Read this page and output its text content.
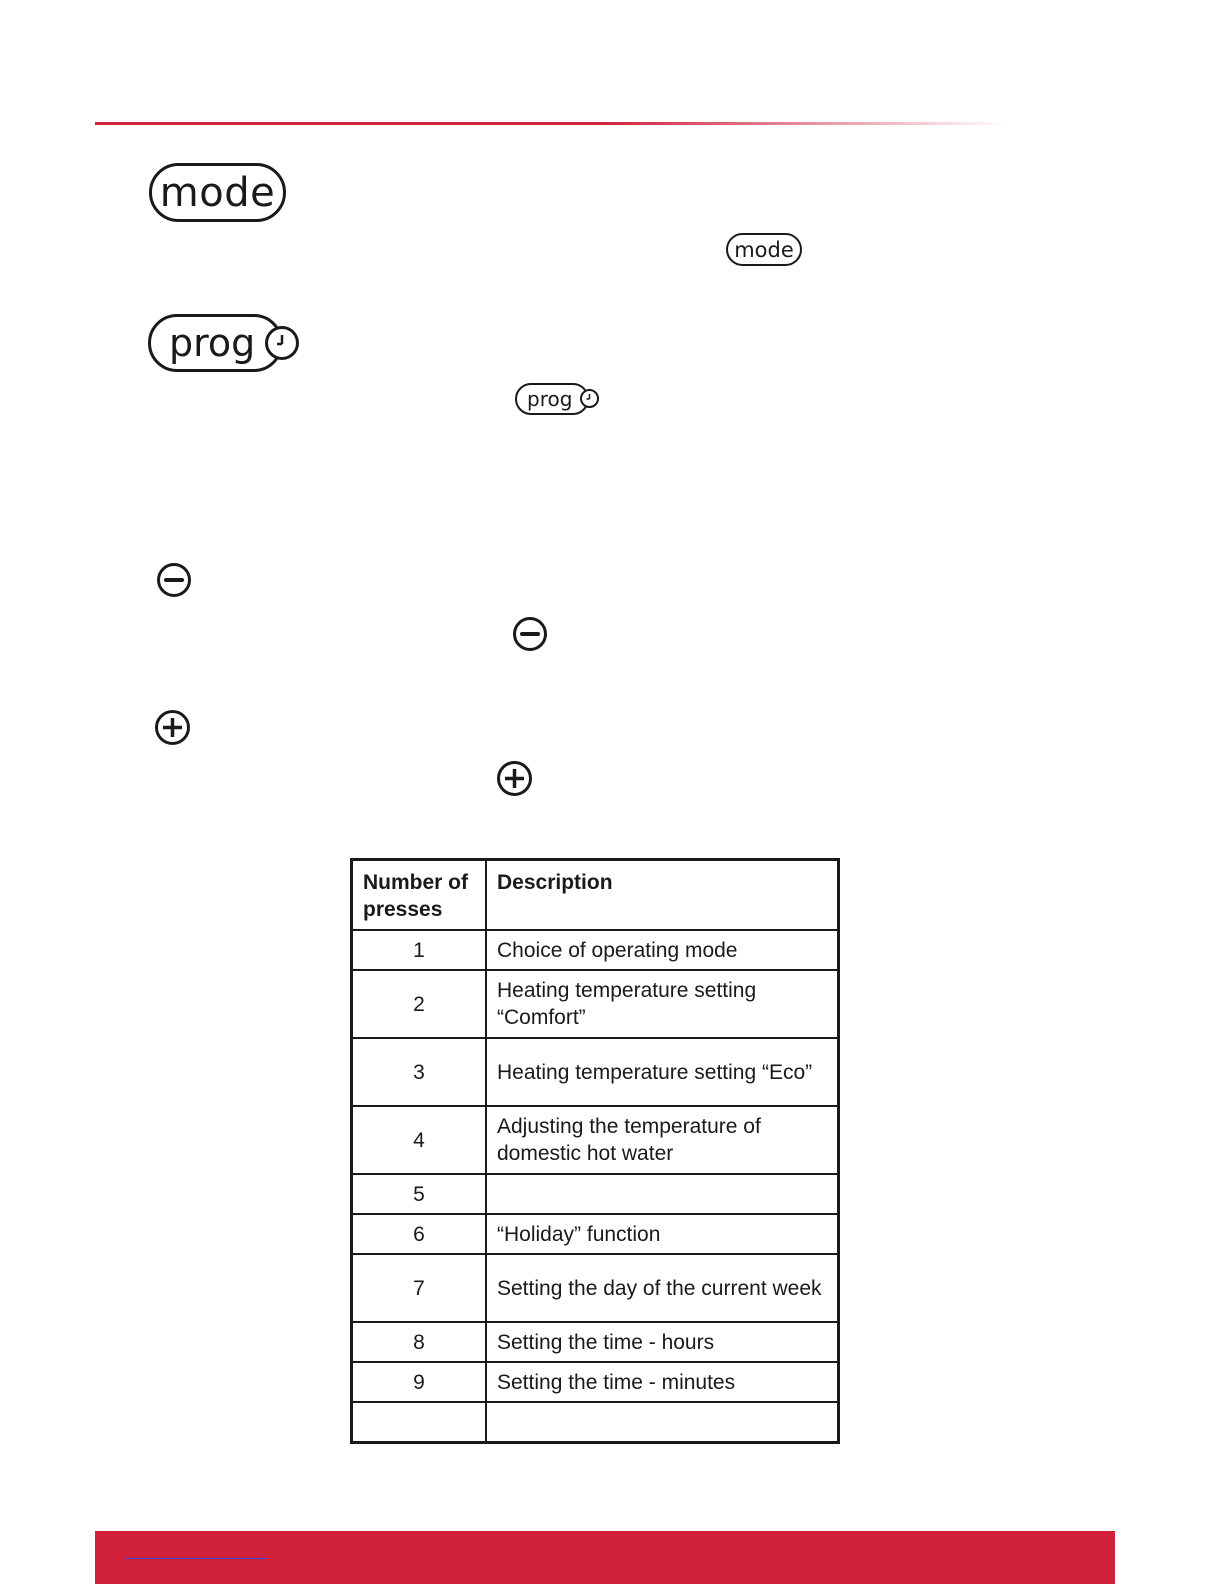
mode
mode
prog
prog
Number of presses	Description
1	Choice of operating mode
2	Heating temperature setting “Comfort”
3	Heating temperature setting “Eco”
4	Adjusting the temperature of domestic hot water
5	
6	“Holiday” function
7	Setting the day of the current week
8	Setting the time - hours
9	Setting the time - minutes
